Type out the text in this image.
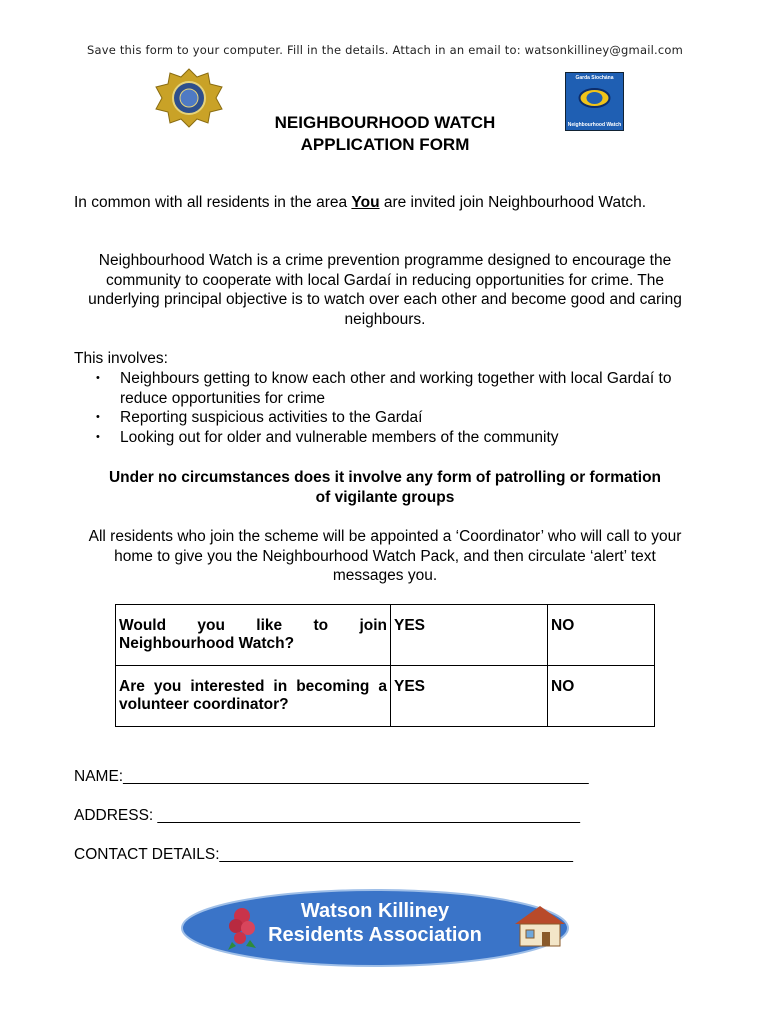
Save this form to your computer. Fill in the details. Attach in an email to: watsonkilliney@gmail.com
Garda Síochána
Neighbourhood Watch
NEIGHBOURHOOD WATCH
APPLICATION FORM
In common with all residents in the area You are invited join Neighbourhood Watch.
Neighbourhood Watch is a crime prevention programme designed to encourage the community to cooperate with local Gardaí in reducing opportunities for crime. The underlying principal objective is to watch over each other and become good and caring neighbours.
This involves:
• Neighbours getting to know each other and working together with local Gardaí to reduce opportunities for crime
• Reporting suspicious activities to the Gardaí
• Looking out for older and vulnerable members of the community
Under no circumstances does it involve any form of patrolling or formation of vigilante groups
All residents who join the scheme will be appointed a ‘Coordinator’ who will call to your home to give you the Neighbourhood Watch Pack, and then circulate ‘alert’ text messages you.
Would you like to join Neighbourhood Watch?	YES	NO
Are you interested in becoming a volunteer coordinator?	YES	NO
NAME:______________________________________________________
ADDRESS: _________________________________________________
CONTACT DETAILS:_________________________________________
Watson Killiney
Residents Association
